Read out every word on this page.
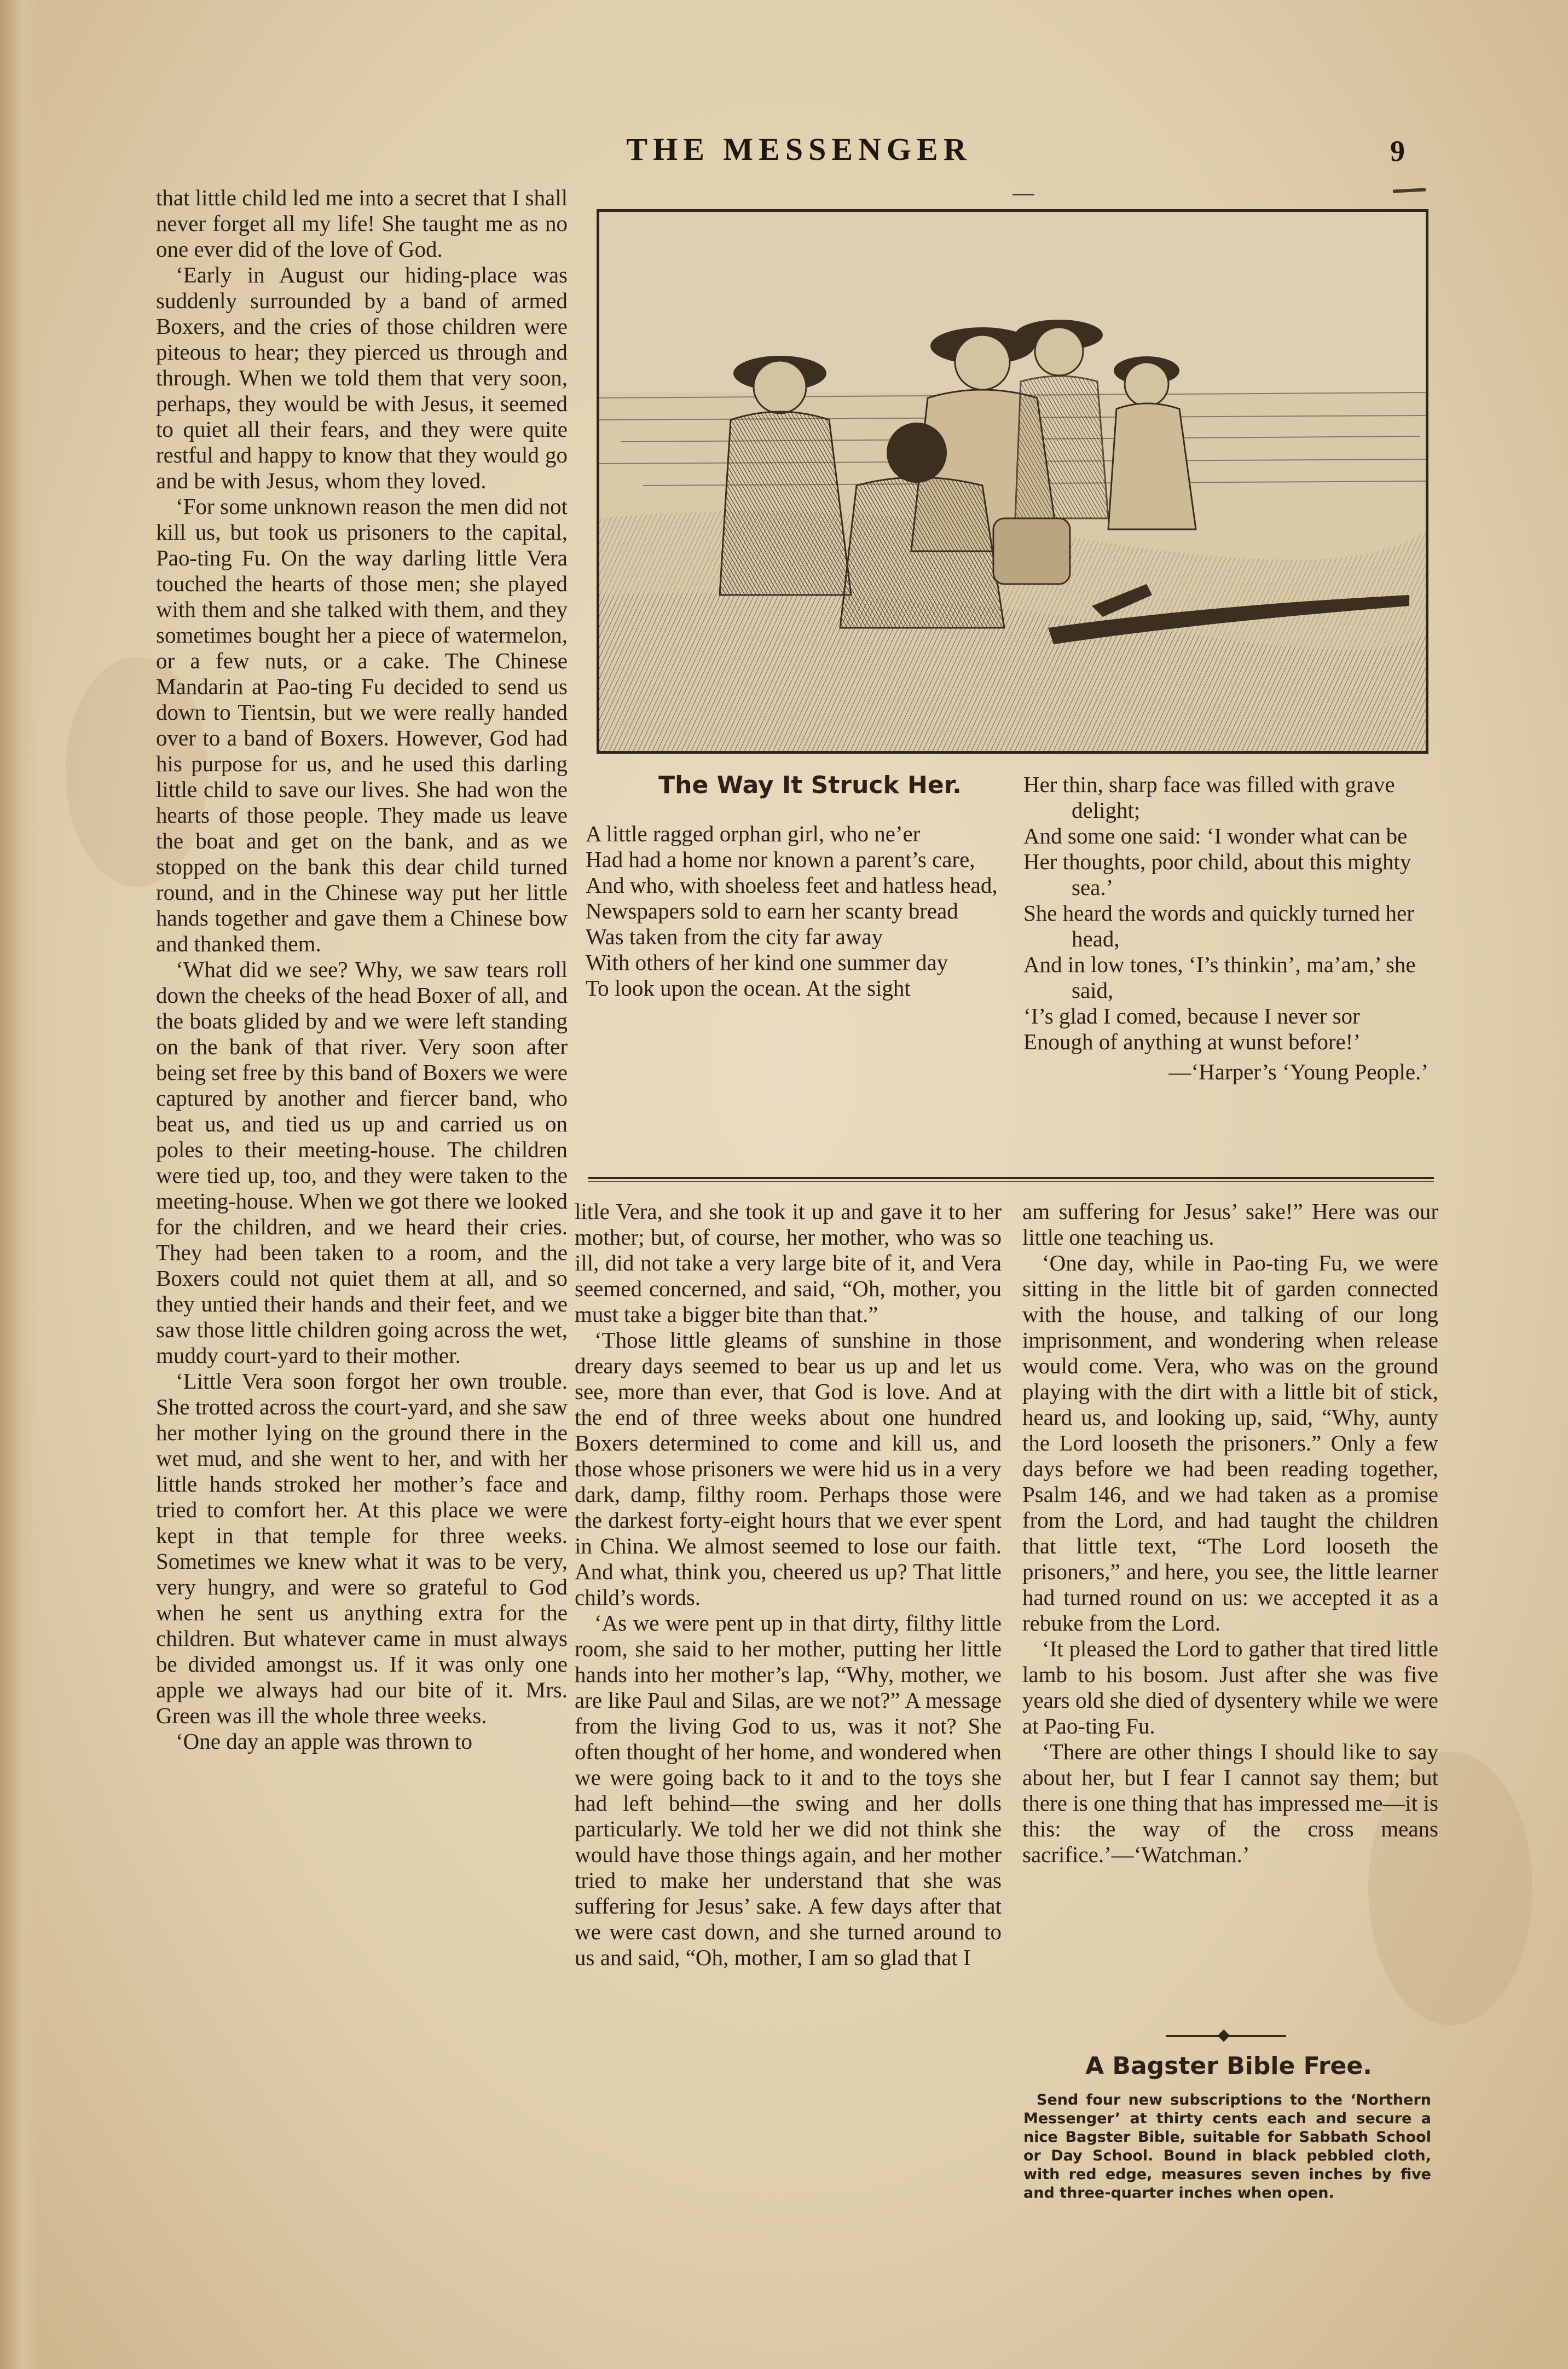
THE MESSENGER	9

that little child led me into a secret that I shall never forget all my life! She taught me as no one ever did of the love of God.

‘Early in August our hiding-place was suddenly surrounded by a band of armed Boxers, and the cries of those children were piteous to hear; they pierced us through and through. When we told them that very soon, perhaps, they would be with Jesus, it seemed to quiet all their fears, and they were quite restful and happy to know that they would go and be with Jesus, whom they loved.

‘For some unknown reason the men did not kill us, but took us prisoners to the capital, Pao-ting Fu. On the way darling little Vera touched the hearts of those men; she played with them and she talked with them, and they sometimes bought her a piece of watermelon, or a few nuts, or a cake. The Chinese Mandarin at Pao-ting Fu decided to send us down to Tientsin, but we were really handed over to a band of Boxers. However, God had his purpose for us, and he used this darling little child to save our lives. She had won the hearts of those people. They made us leave the boat and get on the bank, and as we stopped on the bank this dear child turned round, and in the Chinese way put her little hands together and gave them a Chinese bow and thanked them.

‘What did we see? Why, we saw tears roll down the cheeks of the head Boxer of all, and the boats glided by and we were left standing on the bank of that river. Very soon after being set free by this band of Boxers we were captured by another and fiercer band, who beat us, and tied us up and carried us on poles to their meeting-house. The children were tied up, too, and they were taken to the meeting-house. When we got there we looked for the children, and we heard their cries. They had been taken to a room, and the Boxers could not quiet them at all, and so they untied their hands and their feet, and we saw those little children going across the wet, muddy court-yard to their mother.

‘Little Vera soon forgot her own trouble. She trotted across the court-yard, and she saw her mother lying on the ground there in the wet mud, and she went to her, and with her little hands stroked her mother’s face and tried to comfort her. At this place we were kept in that temple for three weeks. Sometimes we knew what it was to be very, very hungry, and were so grateful to God when he sent us anything extra for the children. But whatever came in must always be divided amongst us. If it was only one apple we always had our bite of it. Mrs. Green was ill the whole three weeks.

‘One day an apple was thrown to

The Way It Struck Her.

A little ragged orphan girl, who ne’er

Had had a home nor known a parent’s care,

And who, with shoeless feet and hatless head,

Newspapers sold to earn her scanty bread

Was taken from the city far away

With others of her kind one summer day

To look upon the ocean. At the sight

Her thin, sharp face was filled with grave delight;

And some one said: ‘I wonder what can be

Her thoughts, poor child, about this mighty sea.’

She heard the words and quickly turned her head,

And in low tones, ‘I’s thinkin’, ma’am,’ she said,

‘I’s glad I comed, because I never sor

Enough of anything at wunst before!’

—‘Harper’s ‘Young People.’

litle Vera, and she took it up and gave it to her mother; but, of course, her mother, who was so ill, did not take a very large bite of it, and Vera seemed concerned, and said, “Oh, mother, you must take a bigger bite than that.”

‘Those little gleams of sunshine in those dreary days seemed to bear us up and let us see, more than ever, that God is love. And at the end of three weeks about one hundred Boxers determined to come and kill us, and those whose prisoners we were hid us in a very dark, damp, filthy room. Perhaps those were the darkest forty-eight hours that we ever spent in China. We almost seemed to lose our faith. And what, think you, cheered us up? That little child’s words.

‘As we were pent up in that dirty, filthy little room, she said to her mother, putting her little hands into her mother’s lap, “Why, mother, we are like Paul and Silas, are we not?” A message from the living God to us, was it not? She often thought of her home, and wondered when we were going back to it and to the toys she had left behind—the swing and her dolls particularly. We told her we did not think she would have those things again, and her mother tried to make her understand that she was suffering for Jesus’ sake. A few days after that we were cast down, and she turned around to us and said, “Oh, mother, I am so glad that I

am suffering for Jesus’ sake!” Here was our little one teaching us.

‘One day, while in Pao-ting Fu, we were sitting in the little bit of garden connected with the house, and talking of our long imprisonment, and wondering when release would come. Vera, who was on the ground playing with the dirt with a little bit of stick, heard us, and looking up, said, “Why, aunty the Lord looseth the prisoners.” Only a few days before we had been reading together, Psalm 146, and we had taken as a promise from the Lord, and had taught the children that little text, “The Lord looseth the prisoners,” and here, you see, the little learner had turned round on us: we accepted it as a rebuke from the Lord.

‘It pleased the Lord to gather that tired little lamb to his bosom. Just after she was five years old she died of dysentery while we were at Pao-ting Fu.

‘There are other things I should like to say about her, but I fear I cannot say them; but there is one thing that has impressed me—it is this: the way of the cross means sacrifice.’—‘Watchman.’

A Bagster Bible Free.
Send four new subscriptions to the ‘Northern Messenger’ at thirty cents each and secure a nice Bagster Bible, suitable for Sabbath School or Day School. Bound in black pebbled cloth, with red edge, measures seven inches by five and three-quarter inches when open.
